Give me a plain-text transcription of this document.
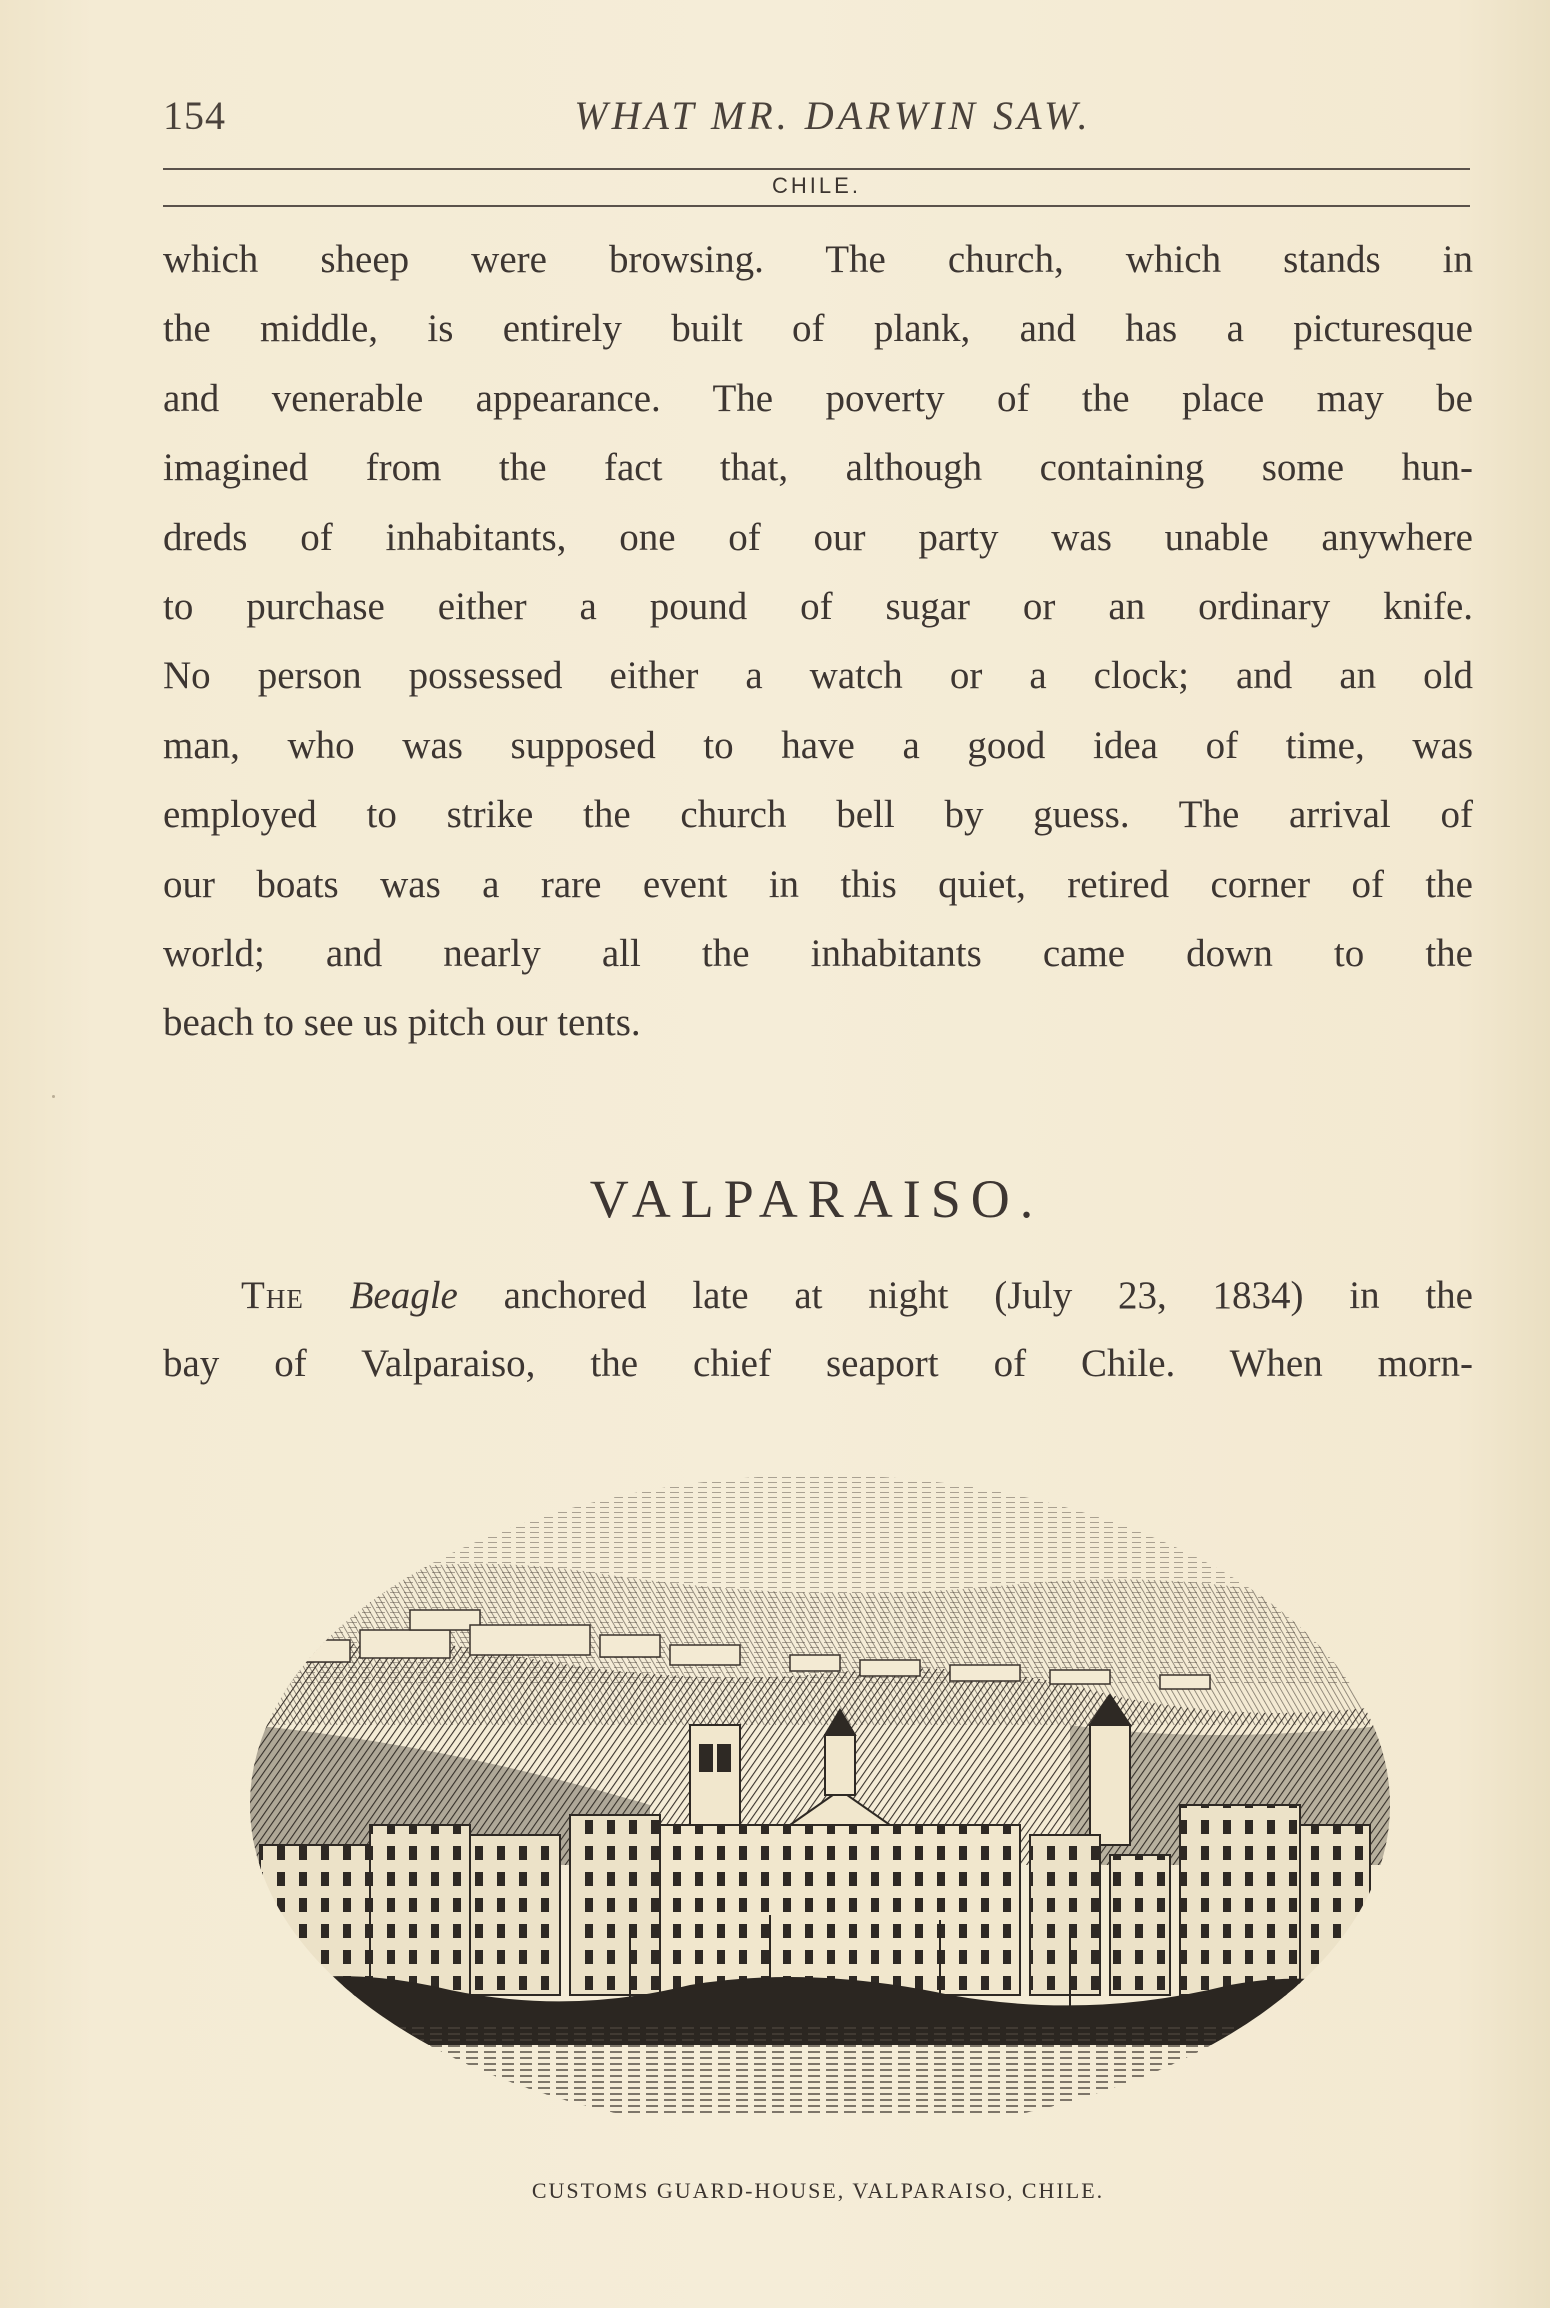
154	WHAT MR. DARWIN SAW.
CHILE.
which sheep were browsing. The church, which stands in
the middle, is entirely built of plank, and has a picturesque
and venerable appearance. The poverty of the place may be
imagined from the fact that, although containing some hun-
dreds of inhabitants, one of our party was unable anywhere
to purchase either a pound of sugar or an ordinary knife.
No person possessed either a watch or a clock; and an old
man, who was supposed to have a good idea of time, was
employed to strike the church bell by guess. The arrival of
our boats was a rare event in this quiet, retired corner of the
world; and nearly all the inhabitants came down to the
beach to see us pitch our tents.
VALPARAISO.
The Beagle anchored late at night (July 23, 1834) in the
bay of Valparaiso, the chief seaport of Chile. When morn-
CUSTOMS GUARD-HOUSE, VALPARAISO, CHILE.
